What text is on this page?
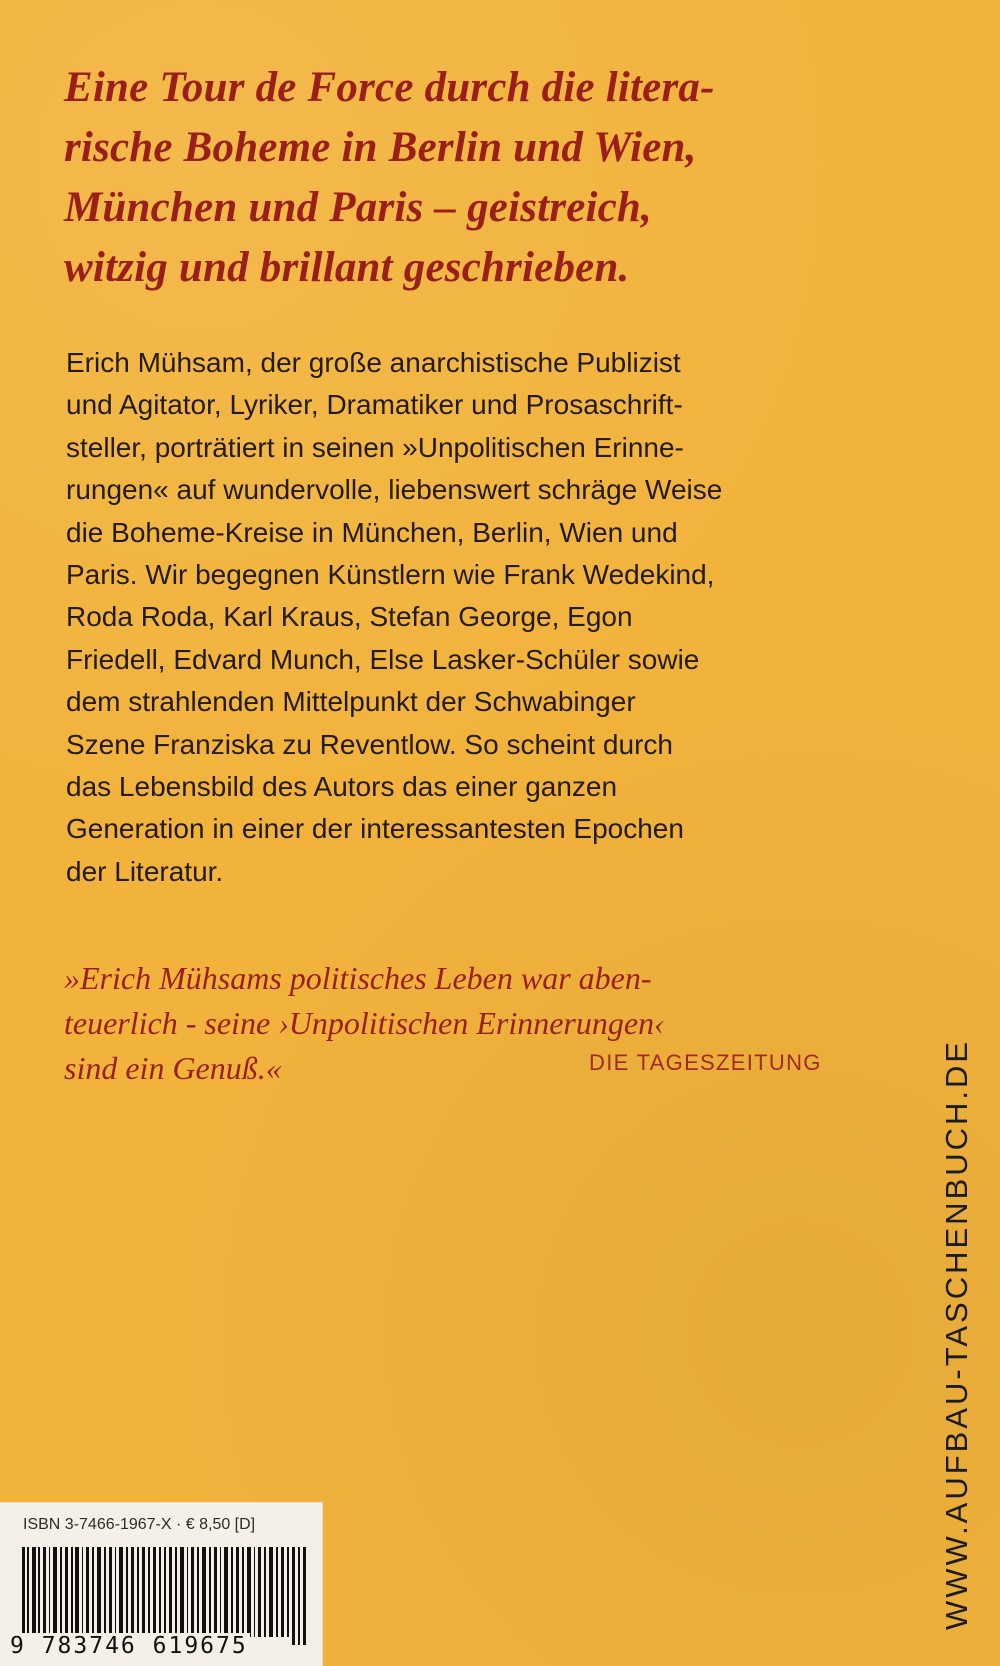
Eine Tour de Force durch die litera-
rische Boheme in Berlin und Wien,
München und Paris – geistreich,
witzig und brillant geschrieben.
Erich Mühsam, der große anarchistische Publizist
und Agitator, Lyriker, Dramatiker und Prosaschrift-
steller, porträtiert in seinen »Unpolitischen Erinne-
rungen« auf wundervolle, liebenswert schräge Weise
die Boheme-Kreise in München, Berlin, Wien und
Paris. Wir begegnen Künstlern wie Frank Wedekind,
Roda Roda, Karl Kraus, Stefan George, Egon
Friedell, Edvard Munch, Else Lasker-Schüler sowie
dem strahlenden Mittelpunkt der Schwabinger
Szene Franziska zu Reventlow. So scheint durch
das Lebensbild des Autors das einer ganzen
Generation in einer der interessantesten Epochen
der Literatur.
»Erich Mühsams politisches Leben war aben-
teuerlich - seine ›Unpolitischen Erinnerungen‹
sind ein Genuß.«	DIE TAGESZEITUNG	WWW.AUFBAU-TASCHENBUCH.DE
ISBN 3-7466-1967-X · € 8,50 [D]
9 783746 619675
